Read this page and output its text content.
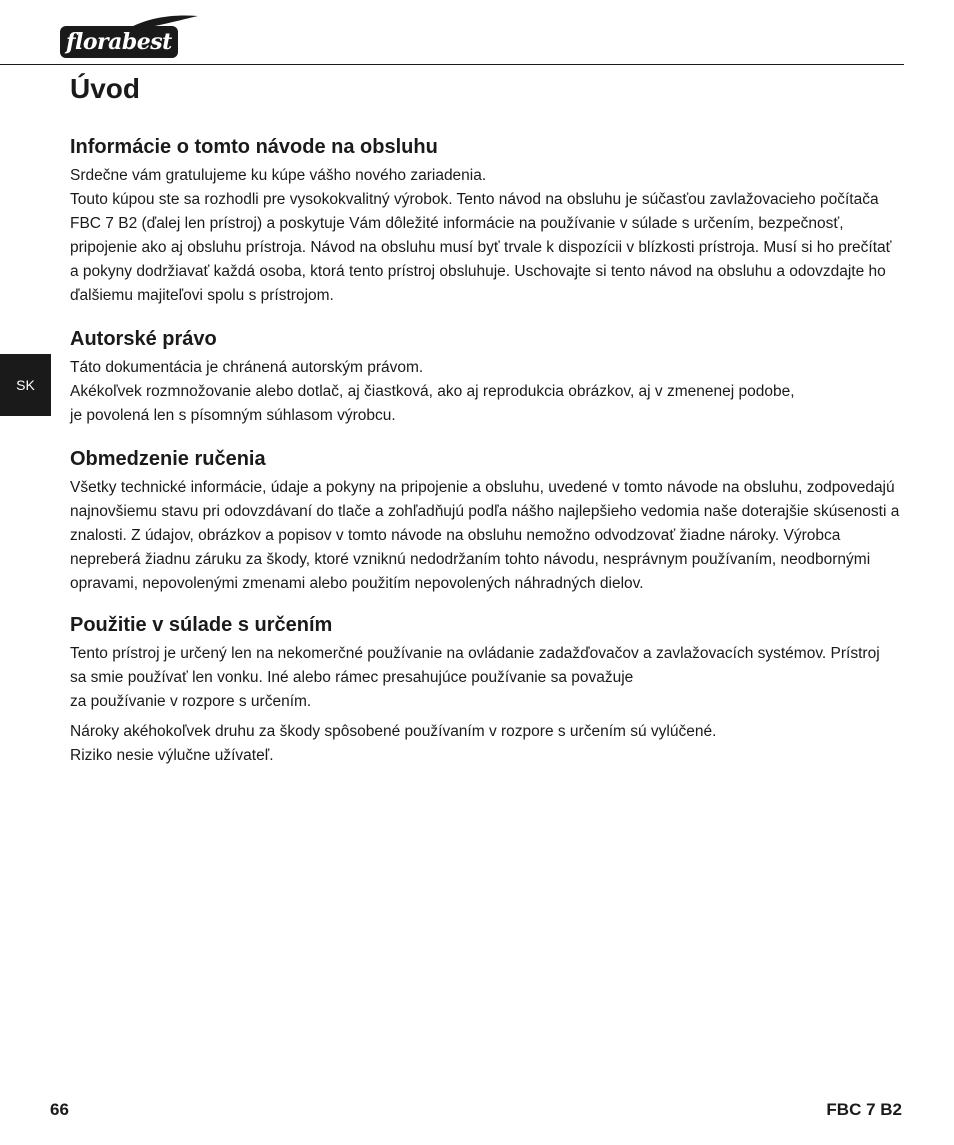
florabest
Úvod
SK
Informácie o tomto návode na obsluhu

Srdečne vám gratulujeme ku kúpe vášho nového zariadenia.
Touto kúpou ste sa rozhodli pre vysokokvalitný výrobok. Tento návod na obsluhu je súčasťou zavlažovacieho počítača FBC 7 B2 (ďalej len prístroj) a poskytuje Vám dôležité informácie na používanie v súlade s určením, bezpečnosť, pripojenie ako aj obsluhu prístroja. Návod na obsluhu musí byť trvale k dispozícii v blízkosti prístroja. Musí si ho prečítať a pokyny dodržiavať každá osoba, ktorá tento prístroj obsluhuje. Uschovajte si tento návod na obsluhu a odovzdajte ho ďalšiemu majiteľovi spolu s prístrojom.

Autorské právo

Táto dokumentácia je chránená autorským právom.
Akékoľvek rozmnožovanie alebo dotlač, aj čiastková, ako aj reprodukcia obrázkov, aj v zmenenej podobe,
je povolená len s písomným súhlasom výrobcu.

Obmedzenie ručenia

Všetky technické informácie, údaje a pokyny na pripojenie a obsluhu, uvedené v tomto návode na obsluhu, zodpovedajú najnovšiemu stavu pri odovzdávaní do tlače a zohľadňujú podľa nášho najlepšieho vedomia naše doterajšie skúsenosti a znalosti. Z údajov, obrázkov a popisov v tomto návode na obsluhu nemožno odvodzovať žiadne nároky. Výrobca nepreberá žiadnu záruku za škody, ktoré vzniknú nedodržaním tohto návodu, nesprávnym používaním, neodbornými opravami, nepovolenými zmenami alebo použitím nepovolených náhradných dielov.

Použitie v súlade s určením

Tento prístroj je určený len na nekomerčné používanie na ovládanie zadažďovačov a zavlažovacích systémov. Prístroj sa smie používať len vonku. Iné alebo rámec presahujúce používanie sa považuje
za používanie v rozpore s určením.

Nároky akéhokoľvek druhu za škody spôsobené používaním v rozpore s určením sú vylúčené.
Riziko nesie výlučne užívateľ.

66	FBC 7 B2
